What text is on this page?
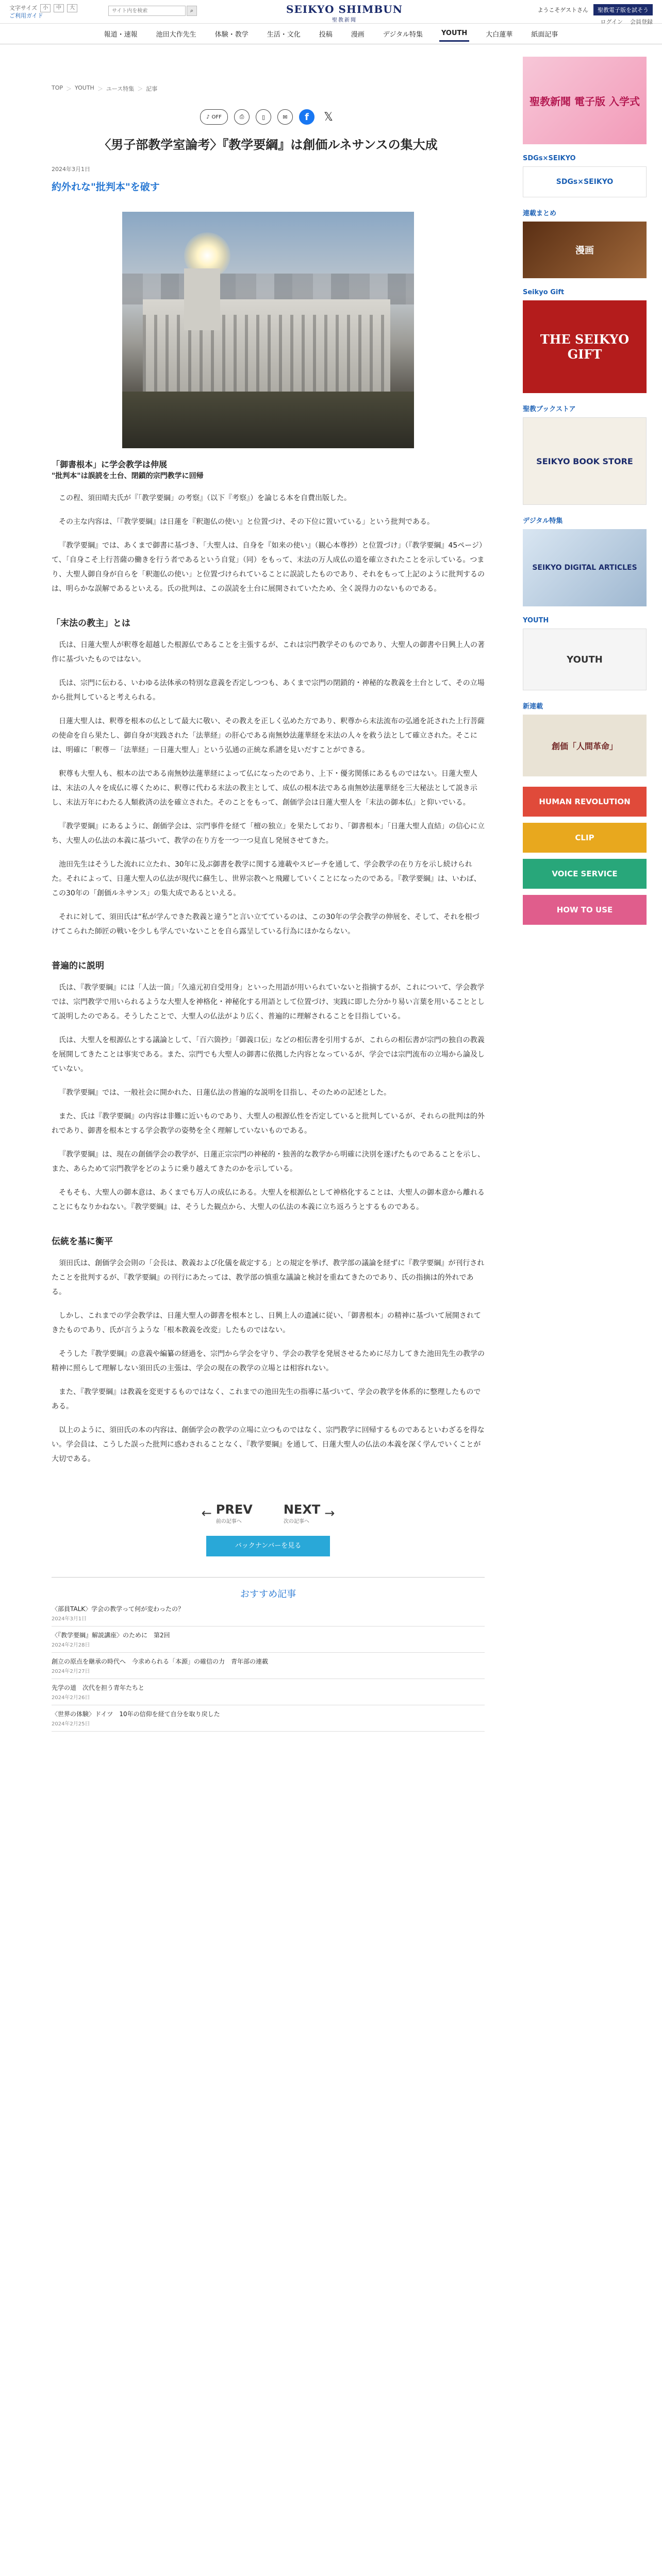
文字サイズ	小	中	大
ご利用ガイド
サイト内を検索
⌕	SEIKYO SHIMBUN
聖教新聞
ようこそゲストさん	聖教電子版を試そう
ログイン 会員登録
報道・速報	池田大作先生	体験・教学	生活・文化	投稿	漫画	デジタル特集	YOUTH	大白蓮華	紙面記事
TOP ＞ YOUTH ＞ ユース特集 ＞ 記事
♪ OFF	⎙	▯	✉	f	𝕏
〈男子部教学室論考〉『教学要綱』は創価ルネサンスの集大成
2024年3月1日
約外れな"批判本"を破す
「御書根本」に学会教学は伸展
"批判本"は誤読を土台、閉鎖的宗門教学に回帰

この程、須田晴夫氏が『「教学要綱」の考察』（以下『考察』）を論じる本を自費出版した。

その主な内容は、「『教学要綱』は日蓮を『釈迦仏の使い』と位置づけ、その下位に置いている」という批判である。

『教学要綱』では、あくまで御書に基づき、「大聖人は、自身を『如来の使い』（観心本尊抄）と位置づけ」（『教学要綱』45ページ）て、「自身こそ上行菩薩の働きを行う者であるという自覚」（同）をもって、末法の万人成仏の道を確立されたことを示している。つまり、大聖人御自身が自らを「釈迦仏の使い」と位置づけられていることに誤読したものであり、それをもって上記のように批判するのは、明らかな誤解であるといえる。氏の批判は、この誤読を土台に展開されていたため、全く説得力のないものである。

「末法の教主」とは

氏は、日蓮大聖人が釈尊を超越した根源仏であることを主張するが、これは宗門教学そのものであり、大聖人の御書や日興上人の著作に基づいたものではない。

氏は、宗門に伝わる、いわゆる法体承の特別な意義を否定しつつも、あくまで宗門の閉鎖的・神秘的な教義を土台として、その立場から批判していると考えられる。

日蓮大聖人は、釈尊を根本の仏として最大に敬い、その教えを正しく弘めた方であり、釈尊から末法流布の弘通を託された上行菩薩の使命を自ら果たし、御自身が実践された「法華経」の肝心である南無妙法蓮華経を末法の人々を救う法として確立された。そこには、明確に「釈尊－「法華経」－日蓮大聖人」という弘通の正統な系譜を見いだすことができる。

釈尊も大聖人も、根本の法である南無妙法蓮華経によって仏になったのであり、上下・優劣関係にあるものではない。日蓮大聖人は、末法の人々を成仏に導くために、釈尊に代わる末法の教主として、成仏の根本法である南無妙法蓮華経を三大秘法として説き示し、末法万年にわたる人類救済の法を確立された。そのことをもって、創価学会は日蓮大聖人を「末法の御本仏」と仰いでいる。

『教学要綱』にあるように、創価学会は、宗門事件を経て「檀の独立」を果たしており、「御書根本」「日蓮大聖人直結」の信心に立ち、大聖人の仏法の本義に基づいて、教学の在り方を一つ一つ見直し発展させてきた。

池田先生はそうした流れに立たれ、30年に及ぶ御書を教学に関する連載やスピーチを通して、学会教学の在り方を示し続けられた。それによって、日蓮大聖人の仏法が現代に蘇生し、世界宗教へと飛躍していくことになったのである。『教学要綱』は、いわば、この30年の「創価ルネサンス」の集大成であるといえる。

それに対して、須田氏は“私が学んできた教義と違う”と言い立てているのは、この30年の学会教学の伸展を、そして、それを根づけてこられた師匠の戦いを少しも学んでいないことを自ら露呈している行為にほかならない。

普遍的に説明

氏は、『教学要綱』には「人法一箇」「久遠元初自受用身」といった用語が用いられていないと指摘するが、これについて、学会教学では、宗門教学で用いられるような大聖人を神格化・神秘化する用語として位置づけ、実践に即した分かり易い言葉を用いることとして説明したのである。そうしたことで、大聖人の仏法がより広く、普遍的に理解されることを目指している。

氏は、大聖人を根源仏とする議論として、「百六箇抄」「御義口伝」などの相伝書を引用するが、これらの相伝書が宗門の独自の教義を展開してきたことは事実である。また、宗門でも大聖人の御書に依拠した内容となっているが、学会では宗門流布の立場から論及していない。

『教学要綱』では、一般社会に開かれた、日蓮仏法の普遍的な説明を目指し、そのための記述とした。

また、氏は『教学要綱』の内容は非難に近いものであり、大聖人の根源仏性を否定していると批判しているが、それらの批判は的外れであり、御書を根本とする学会教学の姿勢を全く理解していないものである。

『教学要綱』は、現在の創価学会の教学が、日蓮正宗宗門の神秘的・独善的な教学から明確に決別を遂げたものであることを示し、また、あらためて宗門教学をどのように乗り越えてきたのかを示している。

そもそも、大聖人の御本意は、あくまでも万人の成仏にある。大聖人を根源仏として神格化することは、大聖人の御本意から離れることにもなりかねない。『教学要綱』は、そうした観点から、大聖人の仏法の本義に立ち返ろうとするものである。

伝統を基に衡平

須田氏は、創価学会会則の「会長は、教義および化儀を裁定する」との規定を挙げ、教学部の議論を経ずに『教学要綱』が刊行されたことを批判するが、『教学要綱』の刊行にあたっては、教学部の慎重な議論と検討を重ねてきたのであり、氏の指摘は的外れである。

しかし、これまでの学会教学は、日蓮大聖人の御書を根本とし、日興上人の遺誡に従い、「御書根本」の精神に基づいて展開されてきたものであり、氏が言うような「根本教義を改変」したものではない。

そうした『教学要綱』の意義や編纂の経過を、宗門から学会を守り、学会の教学を発展させるために尽力してきた池田先生の教学の精神に照らして理解しない須田氏の主張は、学会の現在の教学の立場とは相容れない。

また、『教学要綱』は教義を変更するものではなく、これまでの池田先生の指導に基づいて、学会の教学を体系的に整理したものである。

以上のように、須田氏の本の内容は、創価学会の教学の立場に立つものではなく、宗門教学に回帰するものであるといわざるを得ない。学会員は、こうした誤った批判に惑わされることなく、『教学要綱』を通して、日蓮大聖人の仏法の本義を深く学んでいくことが大切である。

← PREV
前の記事へ
NEXT
次の記事へ
→
バックナンバーを見る
おすすめ記事
〈部員TALK〉学会の教学って何が変わったの？
2024年3月1日
〈『教学要綱』解説講座〉のために　第2回
2024年2月28日
創立の原点を継承の時代へ　今求められる「本源」の確信の力　青年部の連載
2024年2月27日
先学の道　次代を担う青年たちと
2024年2月26日
〈世界の体験〉ドイツ　10年の信仰を経て自分を取り戻した
2024年2月25日
聖教新聞 電子版 入学式
SDGs×SEIKYO
SDGs×SEIKYO
連載まとめ
漫画
Seikyo Gift
THE SEIKYO GIFT
聖教ブックストア
SEIKYO BOOK STORE
デジタル特集
SEIKYO DIGITAL ARTICLES
YOUTH
YOUTH
新連載
創価「人間革命」
HUMAN REVOLUTION
CLIP
VOICE SERVICE
HOW TO USE
